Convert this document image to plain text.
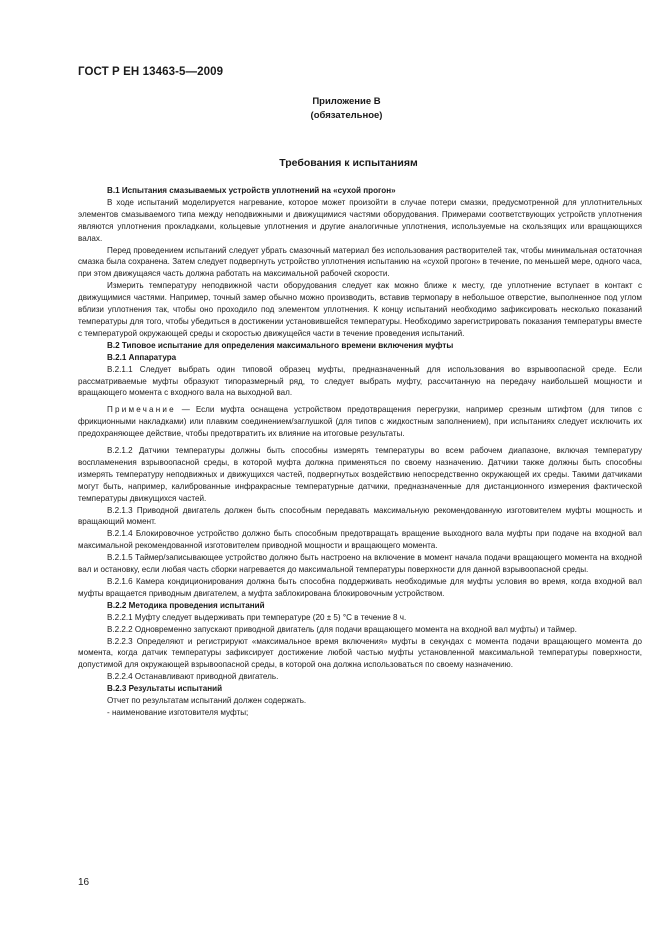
ГОСТ Р ЕН 13463-5—2009
Приложение В
(обязательное)
Требования к испытаниям

В.1 Испытания смазываемых устройств уплотнений на «сухой прогон»

В ходе испытаний моделируется нагревание, которое может произойти в случае потери смазки, предусмотренной для уплотнительных элементов смазываемого типа между неподвижными и движущимися частями оборудования. Примерами соответствующих устройств уплотнения являются уплотнения прокладками, кольцевые уплотнения и другие аналогичные уплотнения, используемые на скользящих или вращающихся валах.

Перед проведением испытаний следует убрать смазочный материал без использования растворителей так, чтобы минимальная остаточная смазка была сохранена. Затем следует подвергнуть устройство уплотнения испытанию на «сухой прогон» в течение, по меньшей мере, одного часа, при этом движущаяся часть должна работать на максимальной рабочей скорости.

Измерить температуру неподвижной части оборудования следует как можно ближе к месту, где уплотнение вступает в контакт с движущимися частями. Например, точный замер обычно можно производить, вставив термопару в небольшое отверстие, выполненное под углом вблизи уплотнения так, чтобы оно проходило под элементом уплотнения. К концу испытаний необходимо зафиксировать несколько показаний температуры для того, чтобы убедиться в достижении установившейся температуры. Необходимо зарегистрировать показания температуры вместе с температурой окружающей среды и скоростью движущейся части в течение проведения испытаний.

В.2 Типовое испытание для определения максимального времени включения муфты

В.2.1 Аппаратура

В.2.1.1 Следует выбрать один типовой образец муфты, предназначенный для использования во взрывоопасной среде. Если рассматриваемые муфты образуют типоразмерный ряд, то следует выбрать муфту, рассчитанную на передачу наибольшей мощности и вращающего момента с входного вала на выходной вал.

Примечание — Если муфта оснащена устройством предотвращения перегрузки, например срезным штифтом (для типов с фрикционными накладками) или плавким соединением/заглушкой (для типов с жидкостным заполнением), при испытаниях следует исключить их предохраняющее действие, чтобы предотвратить их влияние на итоговые результаты.

В.2.1.2 Датчики температуры должны быть способны измерять температуры во всем рабочем диапазоне, включая температуру воспламенения взрывоопасной среды, в которой муфта должна применяться по своему назначению. Датчики также должны быть способны измерять температуру неподвижных и движущихся частей, подвергнутых воздействию непосредственно окружающей их среды. Такими датчиками могут быть, например, калиброванные инфракрасные температурные датчики, предназначенные для дистанционного измерения фактической температуры движущихся частей.

В.2.1.3 Приводной двигатель должен быть способным передавать максимальную рекомендованную изготовителем муфты мощность и вращающий момент.

В.2.1.4 Блокировочное устройство должно быть способным предотвращать вращение выходного вала муфты при подаче на входной вал максимальной рекомендованной изготовителем приводной мощности и вращающего момента.

В.2.1.5 Таймер/записывающее устройство должно быть настроено на включение в момент начала подачи вращающего момента на входной вал и остановку, если любая часть сборки нагревается до максимальной температуры поверхности для данной взрывоопасной среды.

В.2.1.6 Камера кондиционирования должна быть способна поддерживать необходимые для муфты условия во время, когда входной вал муфты вращается приводным двигателем, а муфта заблокирована блокировочным устройством.

В.2.2 Методика проведения испытаний

В.2.2.1 Муфту следует выдерживать при температуре (20 ± 5) °С в течение 8 ч.

В.2.2.2 Одновременно запускают приводной двигатель (для подачи вращающего момента на входной вал муфты) и таймер.

В.2.2.3 Определяют и регистрируют «максимальное время включения» муфты в секундах с момента подачи вращающего момента до момента, когда датчик температуры зафиксирует достижение любой частью муфты установленной максимальной температуры поверхности, допустимой для окружающей взрывоопасной среды, в которой она должна использоваться по своему назначению.

В.2.2.4 Останавливают приводной двигатель.

В.2.3 Результаты испытаний

Отчет по результатам испытаний должен содержать.

- наименование изготовителя муфты;

16
